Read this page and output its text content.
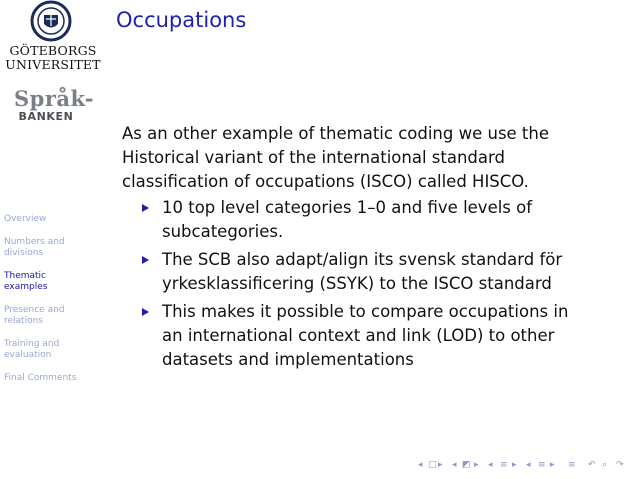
GÖTEBORGS
UNIVERSITET
Språk-
BANKEN
Overview
Numbers and
divisions
Thematic
examples
Presence and
relations
Training and
evaluation
Final Comments
Occupations

As an other example of thematic coding we use the
Historical variant of the international standard
classification of occupations (ISCO) called HISCO.

10 top level categories 1–0 and five levels of
subcategories.
The SCB also adapt/align its svensk standard för
yrkesklassificering (SSYK) to the ISCO standard
This makes it possible to compare occupations in
an international context and link (LOD) to other
datasets and implementations
◂ □ ▸ ◂ ◩ ▸ ◂ ≡ ▸ ◂ ≡ ▸ ≡ ↶ ⌕ ↷
